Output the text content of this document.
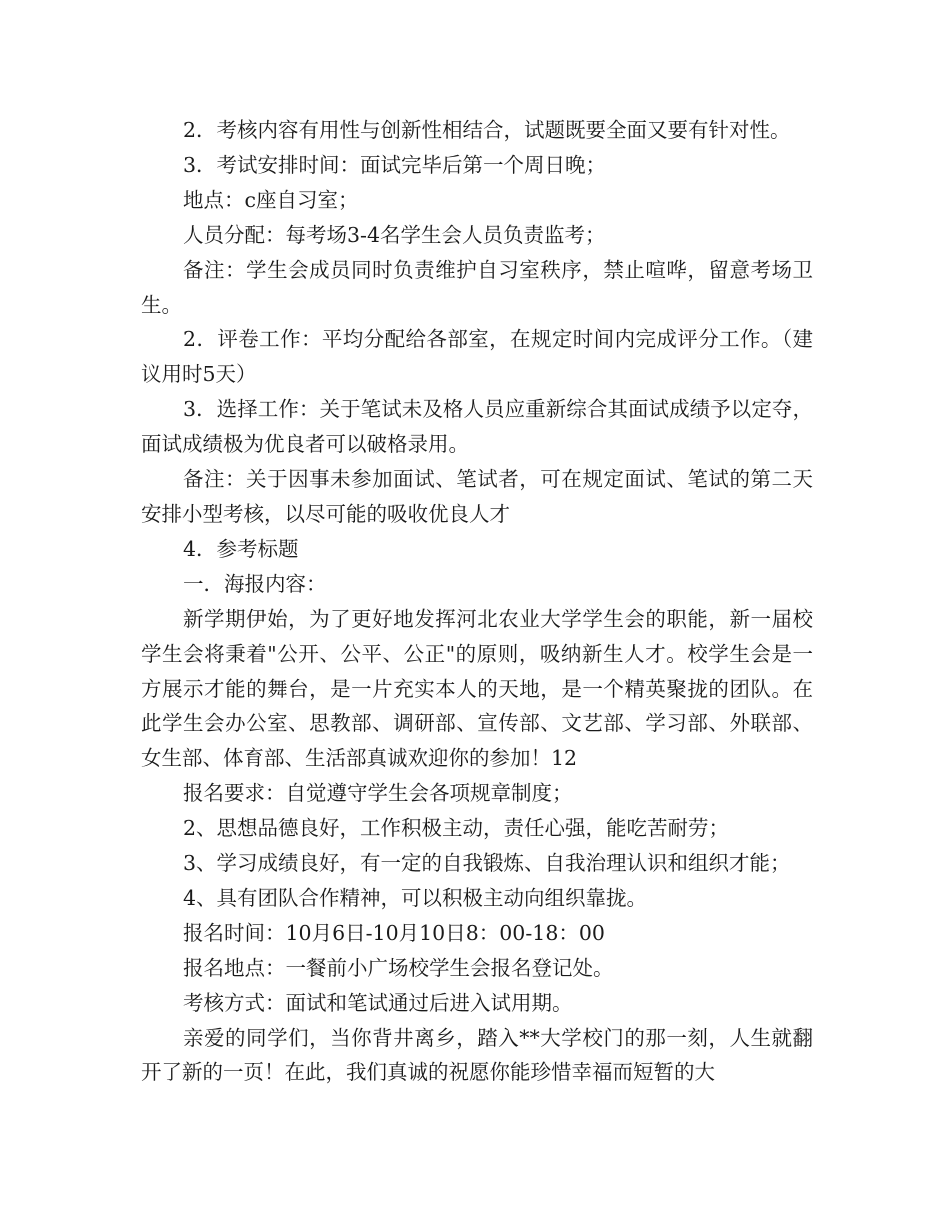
2．考核内容有用性与创新性相结合，试题既要全面又要有针对性。

3．考试安排时间：面试完毕后第一个周日晚；

地点：c座自习室；

人员分配：每考场3-4名学生会人员负责监考；

备注：学生会成员同时负责维护自习室秩序，禁止喧哗，留意考场卫生。

2．评卷工作：平均分配给各部室，在规定时间内完成评分工作。（建议用时5天）

3．选择工作：关于笔试未及格人员应重新综合其面试成绩予以定夺，面试成绩极为优良者可以破格录用。

备注：关于因事未参加面试、笔试者，可在规定面试、笔试的第二天安排小型考核，以尽可能的吸收优良人才

4．参考标题

一．海报内容：

新学期伊始，为了更好地发挥河北农业大学学生会的职能，新一届校学生会将秉着"公开、公平、公正"的原则，吸纳新生人才。校学生会是一方展示才能的舞台，是一片充实本人的天地，是一个精英聚拢的团队。在此学生会办公室、思教部、调研部、宣传部、文艺部、学习部、外联部、女生部、体育部、生活部真诚欢迎你的参加！12

报名要求：自觉遵守学生会各项规章制度；

2、思想品德良好，工作积极主动，责任心强，能吃苦耐劳；

3、学习成绩良好，有一定的自我锻炼、自我治理认识和组织才能；

4、具有团队合作精神，可以积极主动向组织靠拢。

报名时间：10月6日-10月10日8：00-18：00

报名地点：一餐前小广场校学生会报名登记处。

考核方式：面试和笔试通过后进入试用期。

亲爱的同学们，当你背井离乡，踏入**大学校门的那一刻，人生就翻开了新的一页！在此，我们真诚的祝愿你能珍惜幸福而短暂的大
